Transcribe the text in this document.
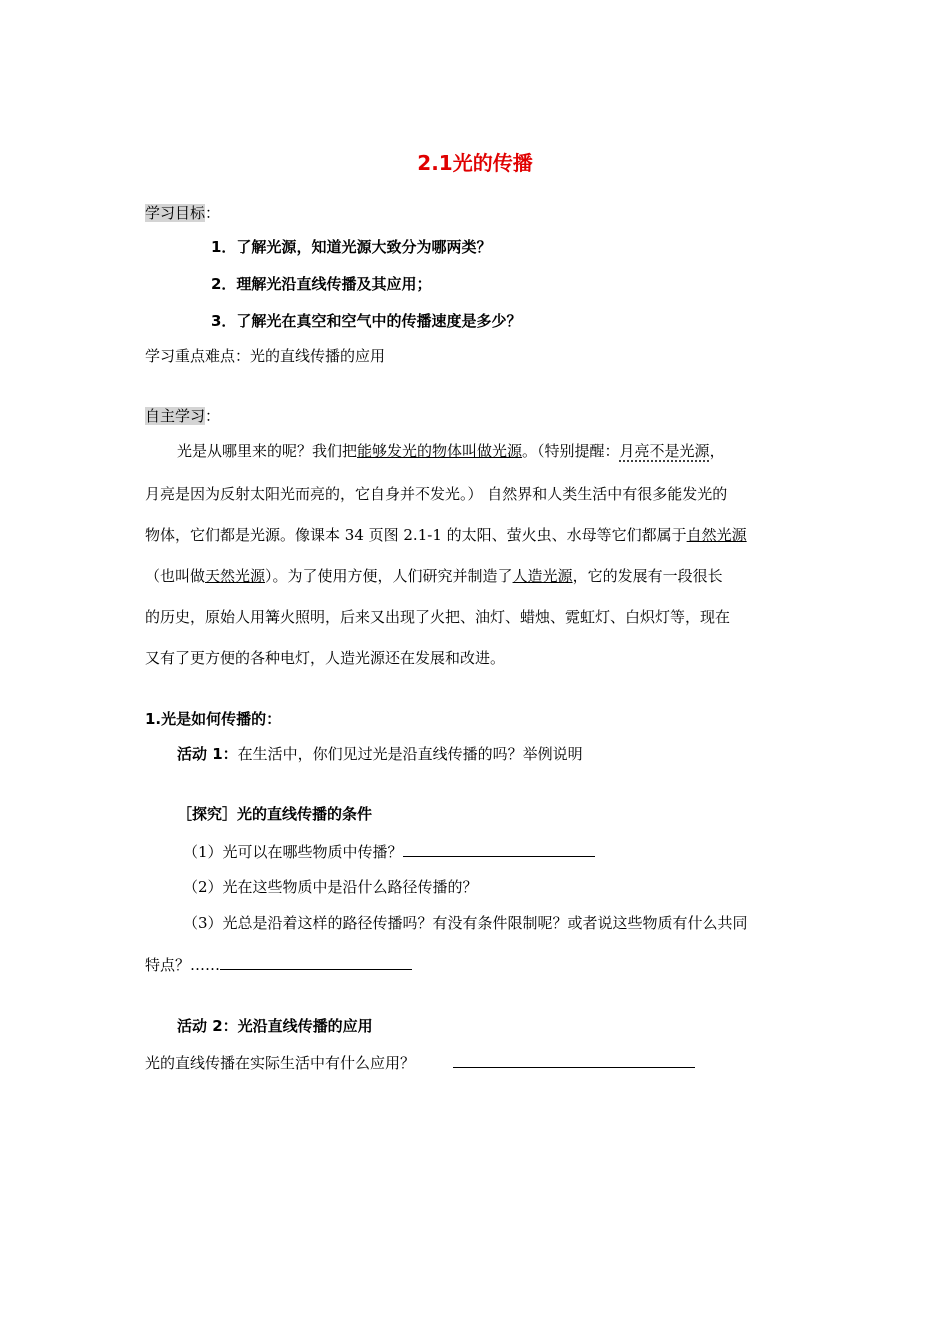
2.1光的传播
学习目标：
1．了解光源，知道光源大致分为哪两类？
2．理解光沿直线传播及其应用；
3．了解光在真空和空气中的传播速度是多少？
学习重点难点：光的直线传播的应用
自主学习：
光是从哪里来的呢？我们把能够发光的物体叫做光源。（特别提醒：月亮不是光源，
月亮是因为反射太阳光而亮的，它自身并不发光。） 自然界和人类生活中有很多能发光的
物体，它们都是光源。像课本 34 页图 2.1-1 的太阳、萤火虫、水母等它们都属于自然光源
（也叫做天然光源）。为了使用方便，人们研究并制造了人造光源，它的发展有一段很长
的历史，原始人用篝火照明，后来又出现了火把、油灯、蜡烛、霓虹灯、白炽灯等，现在
又有了更方便的各种电灯，人造光源还在发展和改进。
1.光是如何传播的：
活动 1：在生活中，你们见过光是沿直线传播的吗？举例说明
［探究］光的直线传播的条件
（1）光可以在哪些物质中传播？
（2）光在这些物质中是沿什么路径传播的？
（3）光总是沿着这样的路径传播吗？有没有条件限制呢？或者说这些物质有什么共同
特点？……
活动 2：光沿直线传播的应用
光的直线传播在实际生活中有什么应用？
